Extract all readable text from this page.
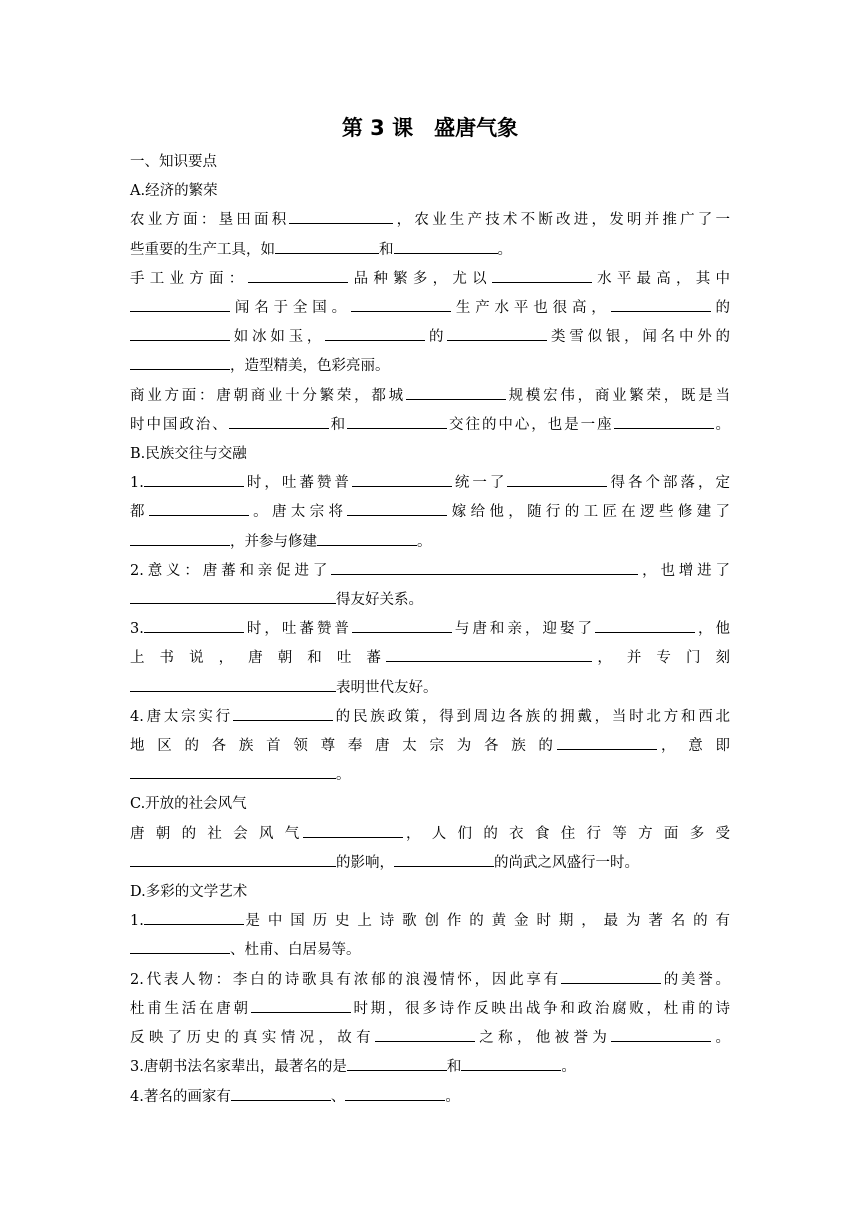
第 3 课　盛唐气象

一、知识要点

A.经济的繁荣

农业方面：垦田面积	，农业生产技术不断改进，发明并推广了一

些重要的生产工具，如	和	。

手工业方面：	品种繁多，尤以	水平最高，其中

闻名于全国。	生产水平也很高，	的

如冰如玉，	的	类雪似银，闻名中外的

，造型精美，色彩亮丽。

商业方面：唐朝商业十分繁荣，都城	规模宏伟，商业繁荣，既是当

时中国政治、	和	交往的中心，也是一座	。

B.民族交往与交融

1.	时，吐蕃赞普	统一了	得各个部落，定

都	。唐太宗将	嫁给他，随行的工匠在逻些修建了

，并参与修建	。

2.意义：唐蕃和亲促进了	，也增进了

得友好关系。

3.	时，吐蕃赞普	与唐和亲，迎娶了	，他

上 书 说 ， 唐 朝 和 吐 蕃	， 并 专 门 刻

表明世代友好。

4.唐太宗实行	的民族政策，得到周边各族的拥戴，当时北方和西北

地 区 的 各 族 首 领 尊 奉 唐 太 宗 为 各 族 的	， 意 即

。

C.开放的社会风气

唐 朝 的 社 会 风 气	， 人 们 的 衣 食 住 行 等 方 面 多 受

的影响，	的尚武之风盛行一时。

D.多彩的文学艺术

1.	是 中 国 历 史 上 诗 歌 创 作 的 黄 金 时 期 ， 最 为 著 名 的 有

、杜甫、白居易等。

2.代表人物：李白的诗歌具有浓郁的浪漫情怀，因此享有	的美誉。

杜甫生活在唐朝	时期，很多诗作反映出战争和政治腐败，杜甫的诗

反映了历史的真实情况，故有	之称，他被誉为	。

3.唐朝书法名家辈出，最著名的是	和	。

4.著名的画家有	、	。
